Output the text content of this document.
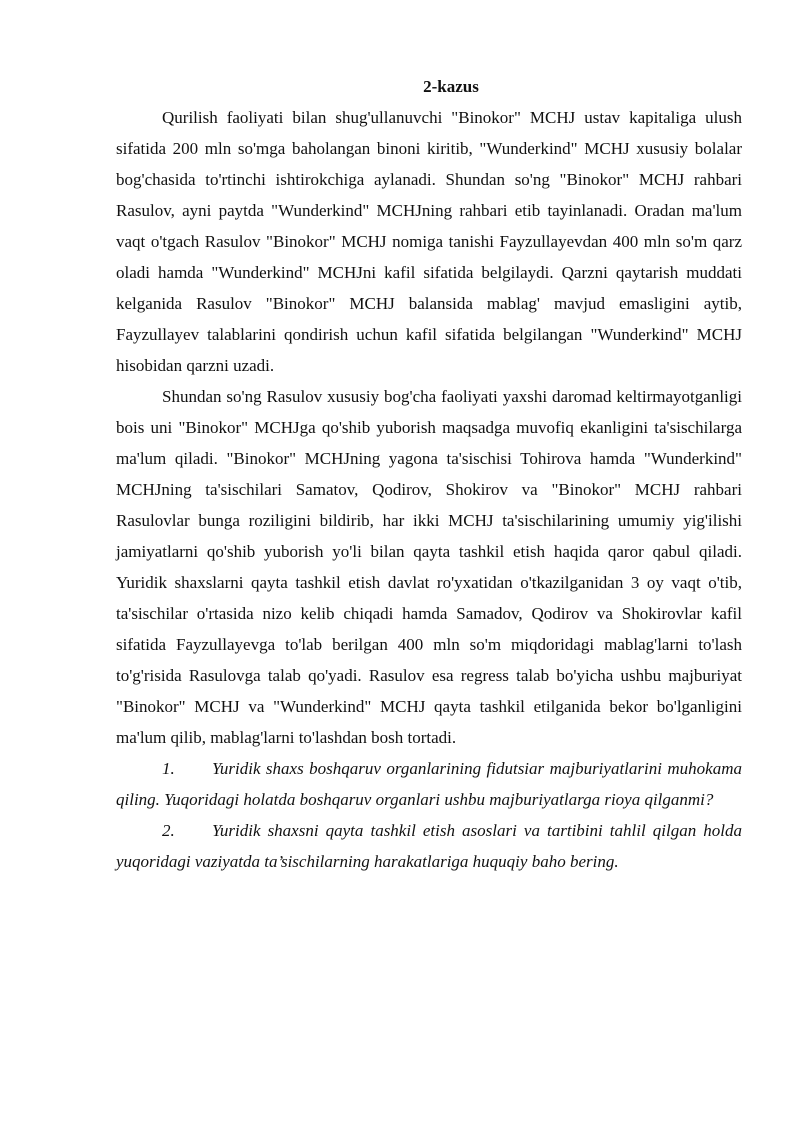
2-kazus

Qurilish faoliyati bilan shug'ullanuvchi "Binokor" MCHJ ustav kapitaliga ulush sifatida 200 mln so'mga baholangan binoni kiritib, "Wunderkind" MCHJ xususiy bolalar bog'chasida to'rtinchi ishtirokchiga aylanadi. Shundan so'ng "Binokor" MCHJ rahbari Rasulov, ayni paytda "Wunderkind" MCHJning rahbari etib tayinlanadi. Oradan ma'lum vaqt o'tgach Rasulov "Binokor" MCHJ nomiga tanishi Fayzullayevdan 400 mln so'm qarz oladi hamda "Wunderkind" MCHJni kafil sifatida belgilaydi. Qarzni qaytarish muddati kelganida Rasulov "Binokor" MCHJ balansida mablag' mavjud emasligini aytib, Fayzullayev talablarini qondirish uchun kafil sifatida belgilangan "Wunderkind" MCHJ hisobidan qarzni uzadi.

Shundan so'ng Rasulov xususiy bog'cha faoliyati yaxshi daromad keltirmayotganligi bois uni "Binokor" MCHJga qo'shib yuborish maqsadga muvofiq ekanligini ta'sischilarga ma'lum qiladi. "Binokor" MCHJning yagona ta'sischisi Tohirova hamda "Wunderkind" MCHJning ta'sischilari Samatov, Qodirov, Shokirov va "Binokor" MCHJ rahbari Rasulovlar bunga roziligini bildirib, har ikki MCHJ ta'sischilarining umumiy yig'ilishi jamiyatlarni qo'shib yuborish yo'li bilan qayta tashkil etish haqida qaror qabul qiladi. Yuridik shaxslarni qayta tashkil etish davlat ro'yxatidan o'tkazilganidan 3 oy vaqt o'tib, ta'sischilar o'rtasida nizo kelib chiqadi hamda Samadov, Qodirov va Shokirovlar kafil sifatida Fayzullayevga to'lab berilgan 400 mln so'm miqdoridagi mablag'larni to'lash to'g'risida Rasulovga talab qo'yadi. Rasulov esa regress talab bo'yicha ushbu majburiyat "Binokor" MCHJ va "Wunderkind" MCHJ qayta tashkil etilganida bekor bo'lganligini ma'lum qilib, mablag'larni to'lashdan bosh tortadi.

1. Yuridik shaxs boshqaruv organlarining fidutsiar majburiyatlarini muhokama qiling. Yuqoridagi holatda boshqaruv organlari ushbu majburiyatlarga rioya qilganmi?

2. Yuridik shaxsni qayta tashkil etish asoslari va tartibini tahlil qilgan holda yuqoridagi vaziyatda ta’sischilarning harakatlariga huquqiy baho bering.
